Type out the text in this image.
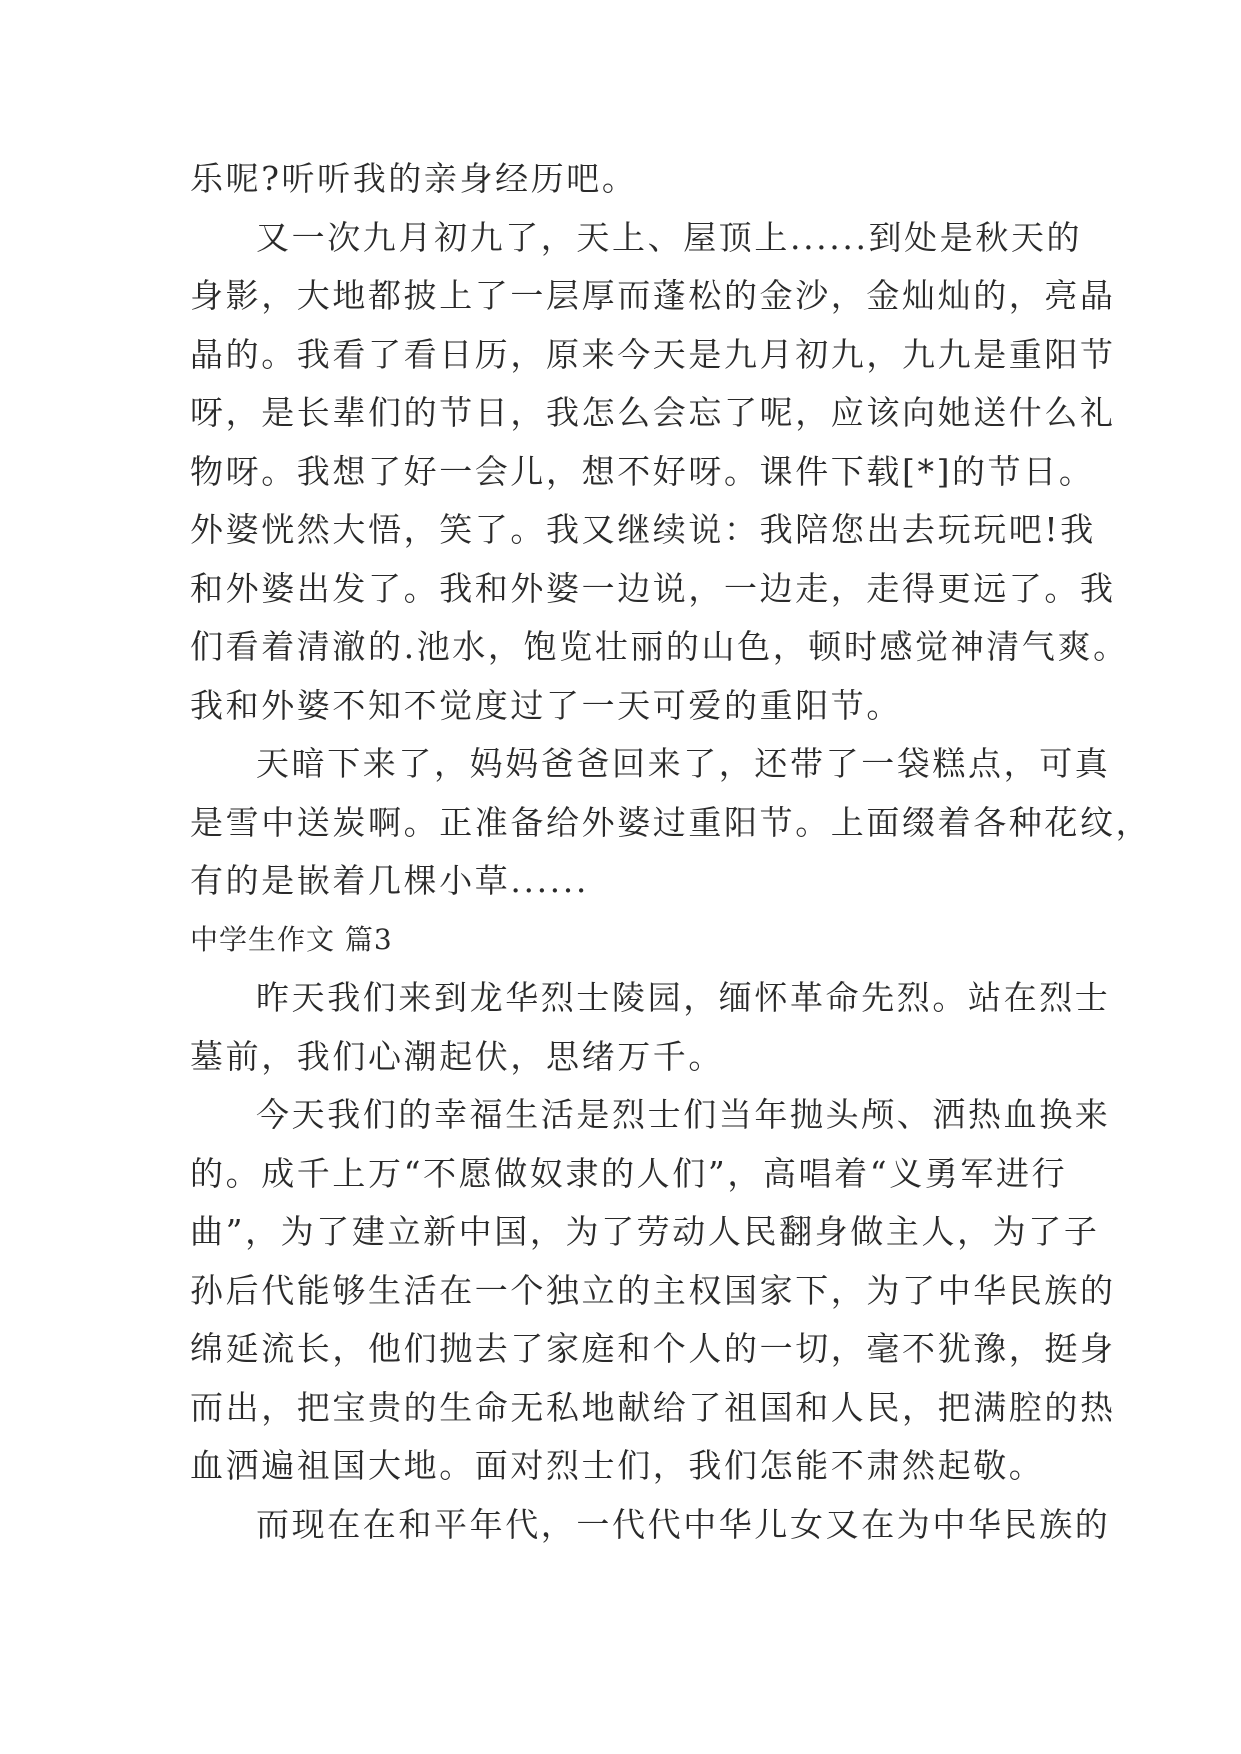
乐呢?听听我的亲身经历吧。
又一次九月初九了，天上、屋顶上......到处是秋天的
身影，大地都披上了一层厚而蓬松的金沙，金灿灿的，亮晶
晶的。我看了看日历，原来今天是九月初九，九九是重阳节
呀，是长辈们的节日，我怎么会忘了呢，应该向她送什么礼
物呀。我想了好一会儿，想不好呀。课件下载[*]的节日。
外婆恍然大悟，笑了。我又继续说：我陪您出去玩玩吧!我
和外婆出发了。我和外婆一边说，一边走，走得更远了。我
们看着清澈的.池水，饱览壮丽的山色，顿时感觉神清气爽。
我和外婆不知不觉度过了一天可爱的重阳节。
天暗下来了，妈妈爸爸回来了，还带了一袋糕点，可真
是雪中送炭啊。正准备给外婆过重阳节。上面缀着各种花纹，
有的是嵌着几棵小草......
中学生作文 篇3
昨天我们来到龙华烈士陵园，缅怀革命先烈。站在烈士
墓前，我们心潮起伏，思绪万千。
今天我们的幸福生活是烈士们当年抛头颅、洒热血换来
的。成千上万“不愿做奴隶的人们”，高唱着“义勇军进行
曲”，为了建立新中国，为了劳动人民翻身做主人，为了子
孙后代能够生活在一个独立的主权国家下，为了中华民族的
绵延流长，他们抛去了家庭和个人的一切，毫不犹豫，挺身
而出，把宝贵的生命无私地献给了祖国和人民，把满腔的热
血洒遍祖国大地。面对烈士们，我们怎能不肃然起敬。
而现在在和平年代，一代代中华儿女又在为中华民族的
